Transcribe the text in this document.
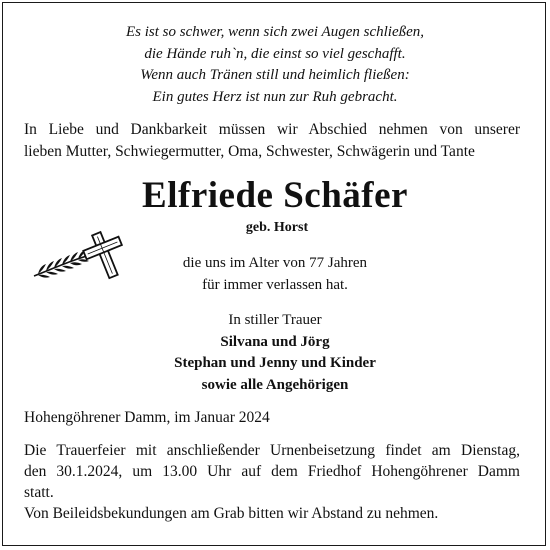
Es ist so schwer, wenn sich zwei Augen schließen,
die Hände ruh`n, die einst so viel geschafft.
Wenn auch Tränen still und heimlich fließen:
Ein gutes Herz ist nun zur Ruh gebracht.
In Liebe und Dankbarkeit müssen wir Abschied nehmen von unserer
lieben Mutter, Schwiegermutter, Oma, Schwester, Schwägerin und Tante
Elfriede Schäfer
geb. Horst
die uns im Alter von 77 Jahren
für immer verlassen hat.
In stiller Trauer
Silvana und Jörg
Stephan und Jenny und Kinder
sowie alle Angehörigen
Hohengöhrener Damm, im Januar 2024
Die Trauerfeier mit anschließender Urnenbeisetzung findet am Dienstag,
den 30.1.2024, um 13.00 Uhr auf dem Friedhof Hohengöhrener Damm
statt.
Von Beileidsbekundungen am Grab bitten wir Abstand zu nehmen.
